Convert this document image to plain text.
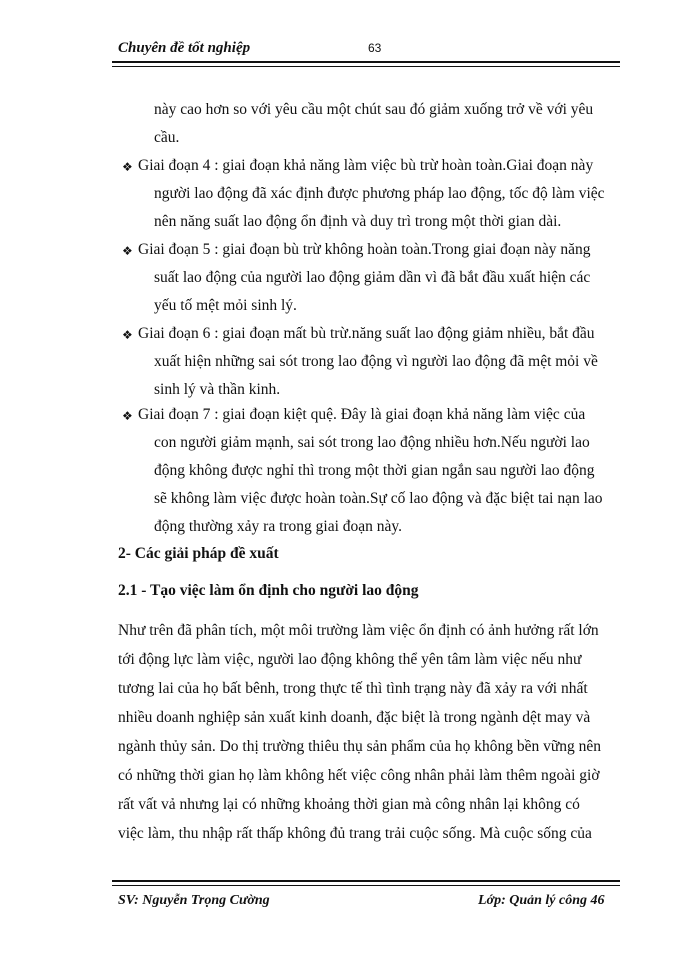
Chuyên đề tốt nghiệp	63
này cao hơn so với yêu cầu một chút sau đó giảm xuống trở về với yêu
cầu.
❖ Giai đoạn 4 : giai đoạn khả năng làm việc bù trừ hoàn toàn.Giai đoạn này
người lao động đã xác định được phương pháp lao động, tốc độ làm việc
nên năng suất lao động ổn định và duy trì trong một thời gian dài.
❖ Giai đoạn 5 : giai đoạn bù trừ không hoàn toàn.Trong giai đoạn này năng
suất lao động của người lao động giảm dần vì đã bắt đầu xuất hiện các
yếu tố mệt mỏi sinh lý.
❖ Giai đoạn 6 : giai đoạn mất bù trừ.năng suất lao động giảm nhiều, bắt đầu
xuất hiện những sai sót trong lao động vì người lao động đã mệt mỏi về
sinh lý và thần kinh.
❖ Giai đoạn 7 : giai đoạn kiệt quệ. Đây là giai đoạn khả năng làm việc của
con người giảm mạnh, sai sót trong lao động nhiều hơn.Nếu người lao
động không được nghỉ thì trong một thời gian ngắn sau người lao động
sẽ không làm việc được hoàn toàn.Sự cố lao động và đặc biệt tai nạn lao
động thường xảy ra trong giai đoạn này.
2- Các giải pháp đề xuất
2.1 - Tạo việc làm ổn định cho người lao động
Như trên đã phân tích, một môi trường làm việc ổn định có ảnh hưởng rất lớn
tới động lực làm việc, người lao động không thể yên tâm làm việc nếu như
tương lai của họ bất bênh, trong thực tế thì tình trạng này đã xảy ra với nhất
nhiều doanh nghiệp sản xuất kinh doanh, đặc biệt là trong ngành dệt may và
ngành thủy sản. Do thị trường thiêu thụ sản phẩm của họ không bền vững nên
có những thời gian họ làm không hết việc công nhân phải làm thêm ngoài giờ
rất vất vả nhưng lại có những khoảng thời gian mà công nhân lại không có
việc làm, thu nhập rất thấp không đủ trang trải cuộc sống. Mà cuộc sống của
SV: Nguyễn Trọng Cường	Lớp: Quản lý công 46
